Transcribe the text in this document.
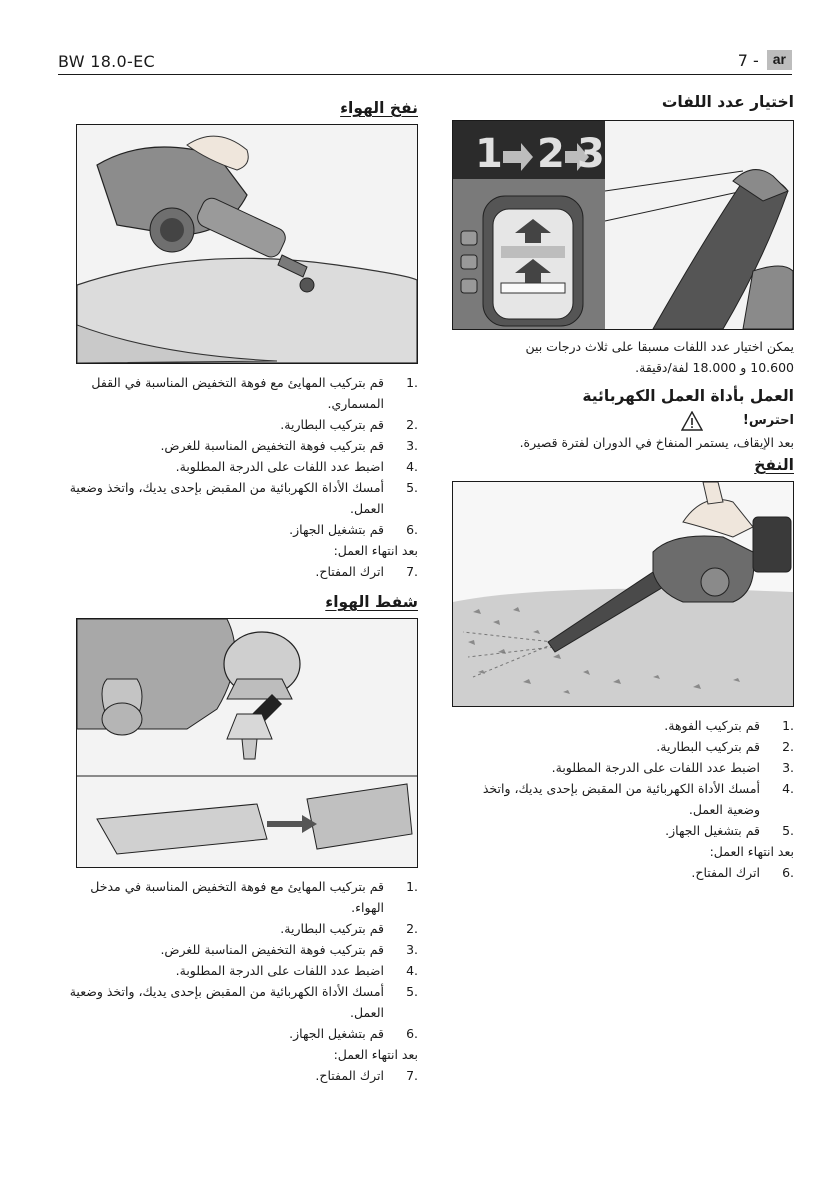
BW 18.0-EC	7 -	ar
نفخ الهواء
1.
قم بتركيب المهايئ مع فوهة التخفيض المناسبة في القفل المسماري.
2.
قم بتركيب البطارية.
3.
قم بتركيب فوهة التخفيض المناسبة للغرض.
4.
اضبط عدد اللفات على الدرجة المطلوبة.
5.
أمسك الأداة الكهربائية من المقبض بإحدى يديك، واتخذ وضعية العمل.
6.
قم بتشغيل الجهاز.

بعد انتهاء العمل:

7.
اترك المفتاح.
شفط الهواء
1.
قم بتركيب المهايئ مع فوهة التخفيض المناسبة في مدخل الهواء.
2.
قم بتركيب البطارية.
3.
قم بتركيب فوهة التخفيض المناسبة للغرض.
4.
اضبط عدد اللفات على الدرجة المطلوبة.
5.
أمسك الأداة الكهربائية من المقبض بإحدى يديك، واتخذ وضعية العمل.
6.
قم بتشغيل الجهاز.

بعد انتهاء العمل:

7.
اترك المفتاح.
اختيار عدد اللفات
1 2 3

يمكن اختيار عدد اللفات مسبقا على ثلاث درجات بين

10.600 و 18.000 لفة/دقيقة.

العمل بأداة العمل الكهربائية
احترس!

بعد الإيقاف، يستمر المنفاخ في الدوران لفترة قصيرة.

النفخ
1.
قم بتركيب الفوهة.
2.
قم بتركيب البطارية.
3.
اضبط عدد اللفات على الدرجة المطلوبة.
4.
أمسك الأداة الكهربائية من المقبض بإحدى يديك، واتخذ وضعية العمل.
5.
قم بتشغيل الجهاز.

بعد انتهاء العمل:

6.
اترك المفتاح.
